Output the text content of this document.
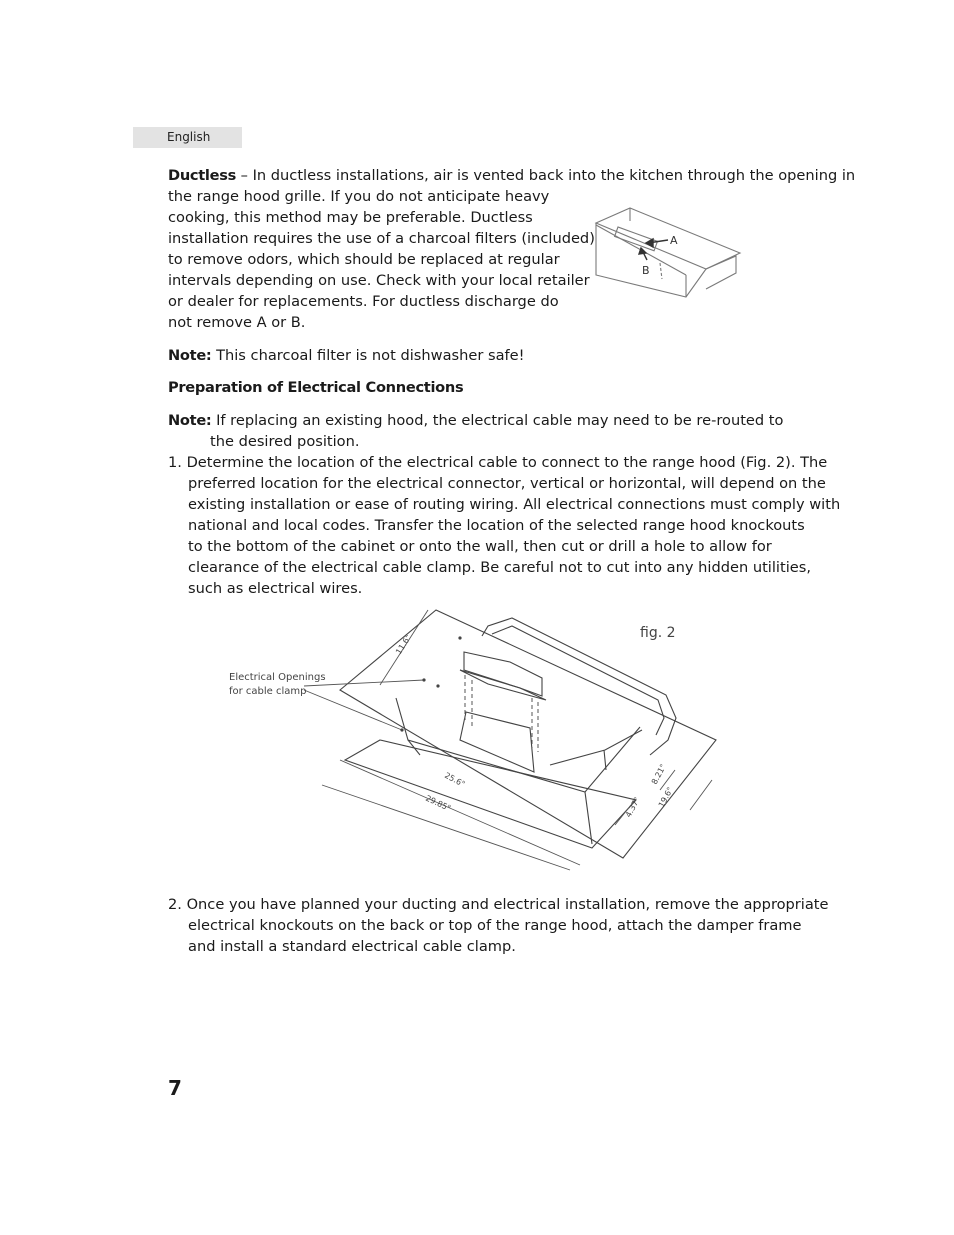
English
Ductless – In ductless installations, air is vented back into the kitchen through the opening in
the range hood grille. If you do not anticipate heavy
cooking, this method may be preferable. Ductless
installation requires the use of a charcoal filters (included)
to remove odors, which should be replaced at regular
intervals depending on use. Check with your local retailer
or dealer for replacements. For ductless discharge do
not remove A or B.
A
B
Note: This charcoal filter is not dishwasher safe!
Preparation of Electrical Connections
Note: If replacing an existing hood, the electrical cable may need to be re-routed to
the desired position.
1. Determine the location of the electrical cable to connect to the range hood (Fig. 2). The
preferred location for the electrical connector, vertical or horizontal, will depend on the
existing installation or ease of routing wiring. All electrical connections must comply with
national and local codes. Transfer the location of the selected range hood knockouts
to the bottom of the cabinet or onto the wall, then cut or drill a hole to allow for
clearance of the electrical cable clamp. Be careful not to cut into any hidden utilities,
such as electrical wires.
fig. 2
Electrical Openings
for cable clamp
11.6"
25.6"
29.85"	4.37"
8.21"
19.6"
2. Once you have planned your ducting and electrical installation, remove the appropriate
electrical knockouts on the back or top of the range hood, attach the damper frame
and install a standard electrical cable clamp.
7
